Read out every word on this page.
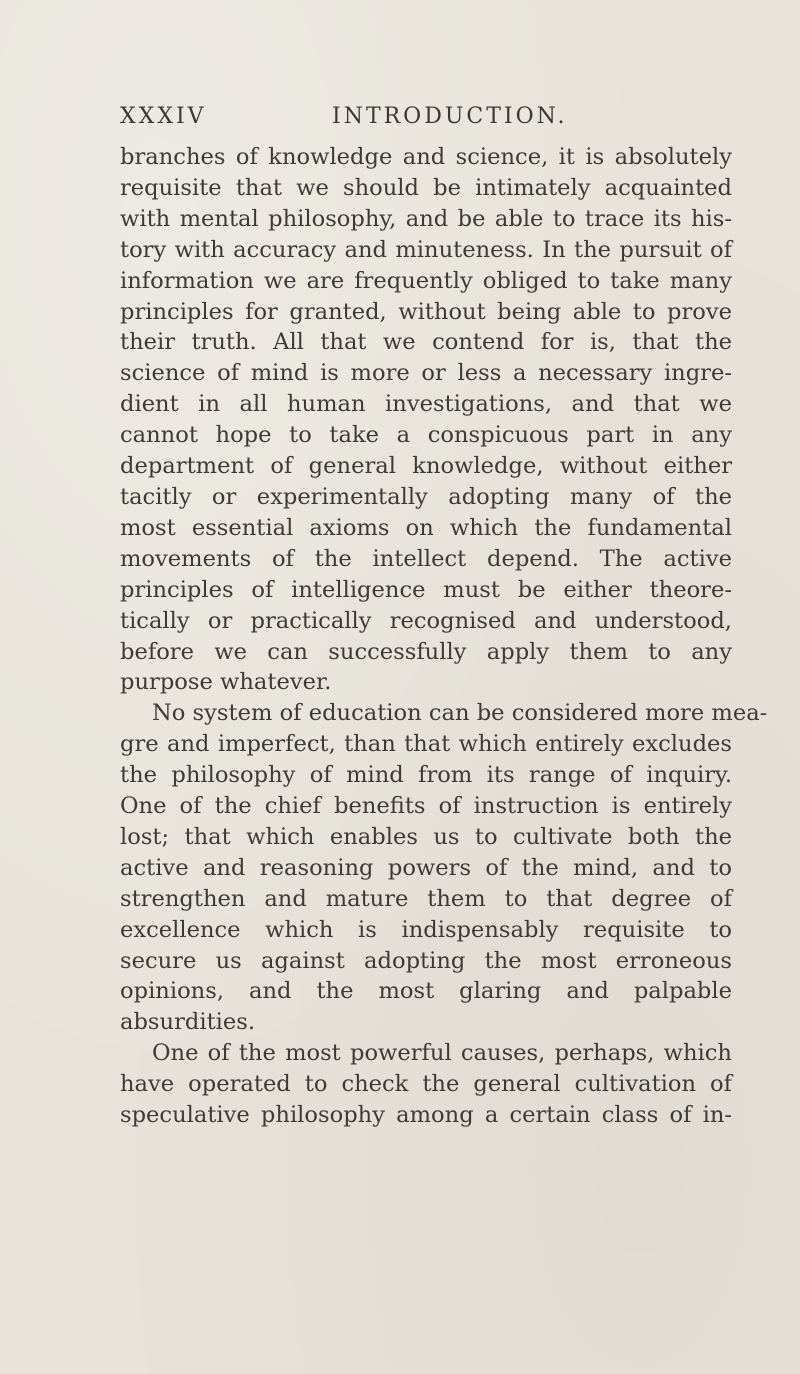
XXXIV	INTRODUCTION.
branches of knowledge and science, it is absolutely
requisite that we should be intimately acquainted
with mental philosophy, and be able to trace its his-
tory with accuracy and minuteness. In the pursuit of
information we are frequently obliged to take many
principles for granted, without being able to prove
their truth. All that we contend for is, that the
science of mind is more or less a necessary ingre-
dient in all human investigations, and that we
cannot hope to take a conspicuous part in any
department of general knowledge, without either
tacitly or experimentally adopting many of the
most essential axioms on which the fundamental
movements of the intellect depend. The active
principles of intelligence must be either theore-
tically or practically recognised and understood,
before we can successfully apply them to any
purpose whatever.
No system of education can be considered more mea-
gre and imperfect, than that which entirely excludes
the philosophy of mind from its range of inquiry.
One of the chief benefits of instruction is entirely
lost; that which enables us to cultivate both the
active and reasoning powers of the mind, and to
strengthen and mature them to that degree of
excellence which is indispensably requisite to
secure us against adopting the most erroneous
opinions, and the most glaring and palpable
absurdities.
One of the most powerful causes, perhaps, which
have operated to check the general cultivation of
speculative philosophy among a certain class of in-
